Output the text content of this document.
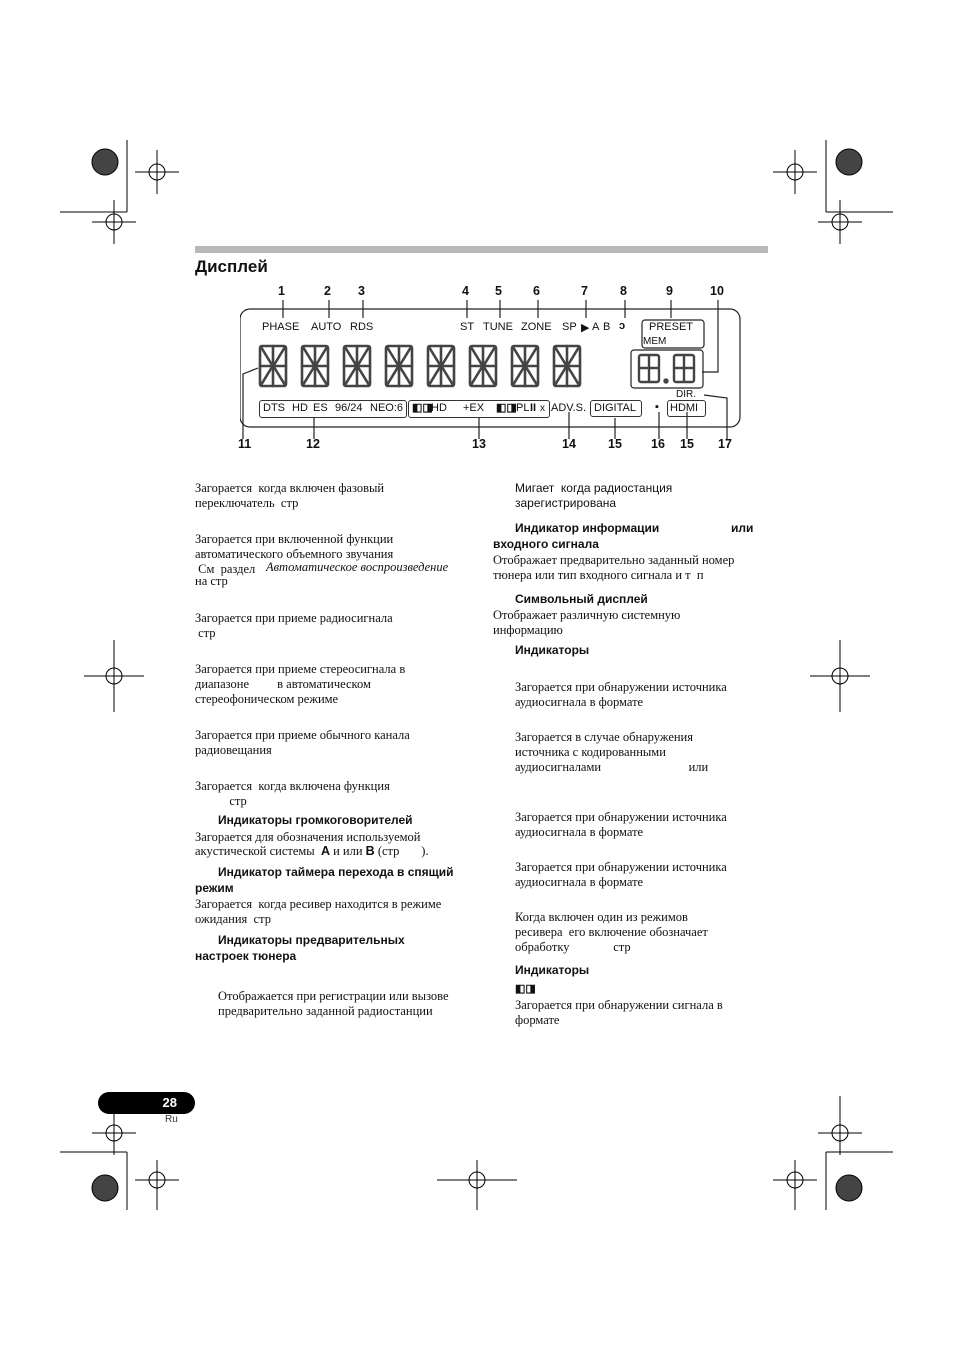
Дисплей
1	2 3	4 5 6	7	8	9	10
PHASE AUTO RDS	ST TUNE ZONE SP ▶ A B ↄ PRESET
MEM
DIR.
DTS HD ES 96/24 NEO:6 ◧◨
HD +EX ◧◨ PL II x ADV.S. DIGITAL ▪ HDMI
11	12	13	14	15 16 15 17
Загорается  когда включен фазовый
переключатель  стр
Загорается при включенной функции
автоматического объемного звучания
См  раздел Автоматическое воспроизведение
на стр
Загорается при приеме радиосигнала
стр
Загорается при приеме стереосигнала в
диапазоне         в автоматическом
стереофоническом режиме
Загорается при приеме обычного канала
радиовещания
Загорается  когда включена функция
стр
Индикаторы громкоговорителей
Загорается для обозначения используемой
акустической системы  A и или B (стр       ).
Индикатор таймера перехода в спящий
режим
Загорается  когда ресивер находится в режиме
ожидания  стр
Индикаторы предварительных
настроек тюнера
Отображается при регистрации или вызове
предварительно заданной радиостанции
Мигает  когда радиостанция
зарегистрирована
Индикатор информации	или
входного сигнала
Отображает предварительно заданный номер
тюнера или тип входного сигнала и т  п
Символьный дисплей
Отображает различную системную
информацию
Индикаторы
Загорается при обнаружении источника
аудиосигнала в формате
Загорается в случае обнаружения
источника с кодированными
аудиосигналами                            или
Загорается при обнаружении источника
аудиосигнала в формате
Загорается при обнаружении источника
аудиосигнала в формате
Когда включен один из режимов
ресивера  его включение обозначает
обработку              стр
Индикаторы
◧◨
Загорается при обнаружении сигнала в
формате
28
Ru
